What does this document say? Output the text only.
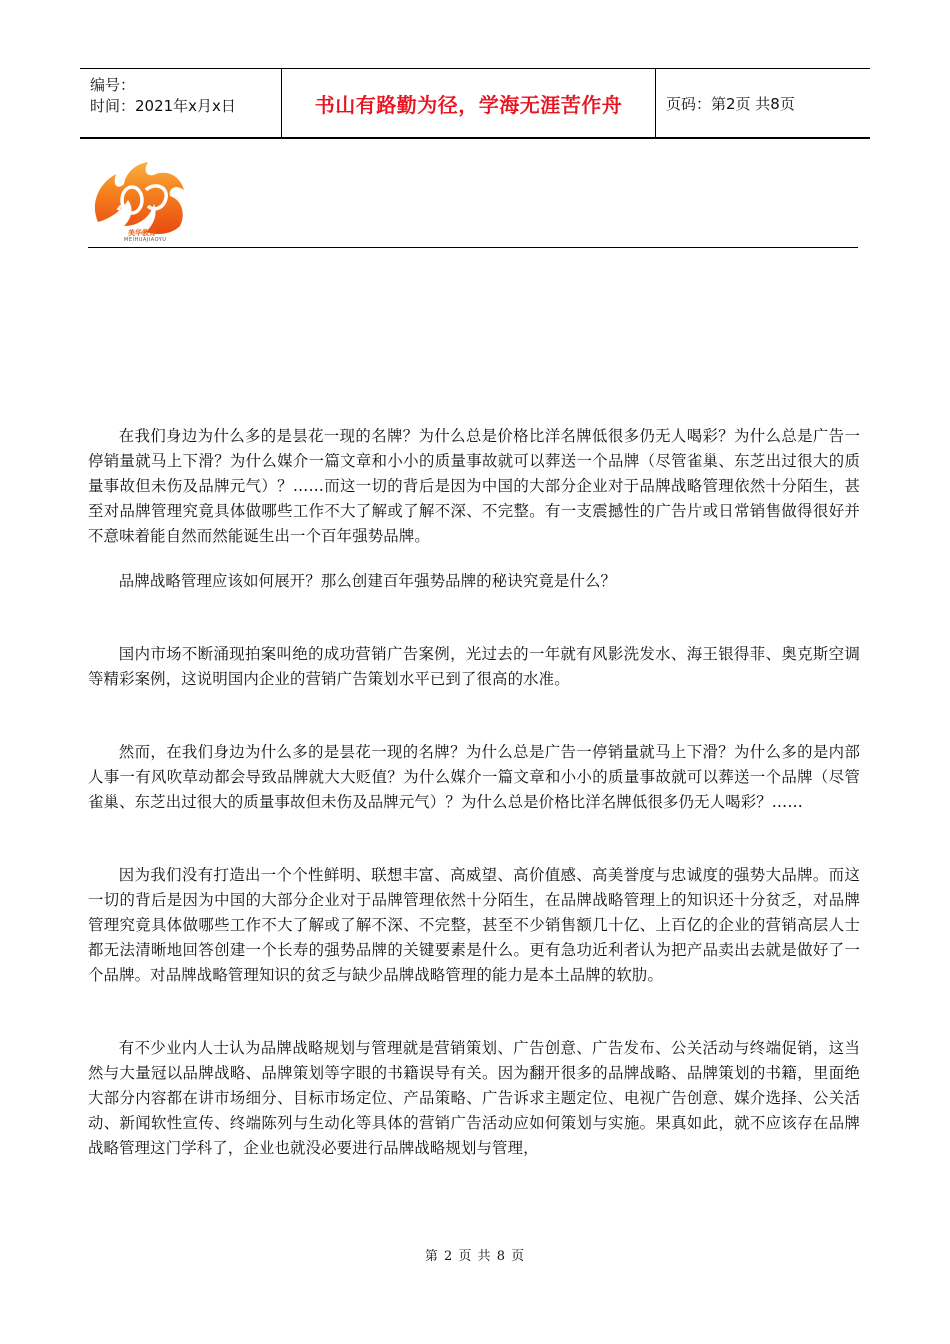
编号：
时间：2021年x月x日	书山有路勤为径，学海无涯苦作舟	页码：第2页 共8页
美华教育
MEIHUAJIAOYU

在我们身边为什么多的是昙花一现的名牌？为什么总是价格比洋名牌低很多仍无人喝彩？为什么总是广告一停销量就马上下滑？为什么媒介一篇文章和小小的质量事故就可以葬送一个品牌（尽管雀巢、东芝出过很大的质量事故但未伤及品牌元气）？……而这一切的背后是因为中国的大部分企业对于品牌战略管理依然十分陌生，甚至对品牌管理究竟具体做哪些工作不大了解或了解不深、不完整。有一支震撼性的广告片或日常销售做得很好并不意味着能自然而然能诞生出一个百年强势品牌。

品牌战略管理应该如何展开？那么创建百年强势品牌的秘诀究竟是什么？

国内市场不断涌现拍案叫绝的成功营销广告案例，光过去的一年就有风影洗发水、海王银得菲、奥克斯空调等精彩案例，这说明国内企业的营销广告策划水平已到了很高的水准。

然而，在我们身边为什么多的是昙花一现的名牌？为什么总是广告一停销量就马上下滑？为什么多的是内部人事一有风吹草动都会导致品牌就大大贬值？为什么媒介一篇文章和小小的质量事故就可以葬送一个品牌（尽管雀巢、东芝出过很大的质量事故但未伤及品牌元气）？为什么总是价格比洋名牌低很多仍无人喝彩？……

因为我们没有打造出一个个性鲜明、联想丰富、高威望、高价值感、高美誉度与忠诚度的强势大品牌。而这一切的背后是因为中国的大部分企业对于品牌管理依然十分陌生，在品牌战略管理上的知识还十分贫乏，对品牌管理究竟具体做哪些工作不大了解或了解不深、不完整，甚至不少销售额几十亿、上百亿的企业的营销高层人士都无法清晰地回答创建一个长寿的强势品牌的关键要素是什么。更有急功近利者认为把产品卖出去就是做好了一个品牌。对品牌战略管理知识的贫乏与缺少品牌战略管理的能力是本土品牌的软肋。

有不少业内人士认为品牌战略规划与管理就是营销策划、广告创意、广告发布、公关活动与终端促销，这当然与大量冠以品牌战略、品牌策划等字眼的书籍误导有关。因为翻开很多的品牌战略、品牌策划的书籍，里面绝大部分内容都在讲市场细分、目标市场定位、产品策略、广告诉求主题定位、电视广告创意、媒介选择、公关活动、新闻软性宣传、终端陈列与生动化等具体的营销广告活动应如何策划与实施。果真如此，就不应该存在品牌战略管理这门学科了，企业也就没必要进行品牌战略规划与管理，

第 2 页 共 8 页
